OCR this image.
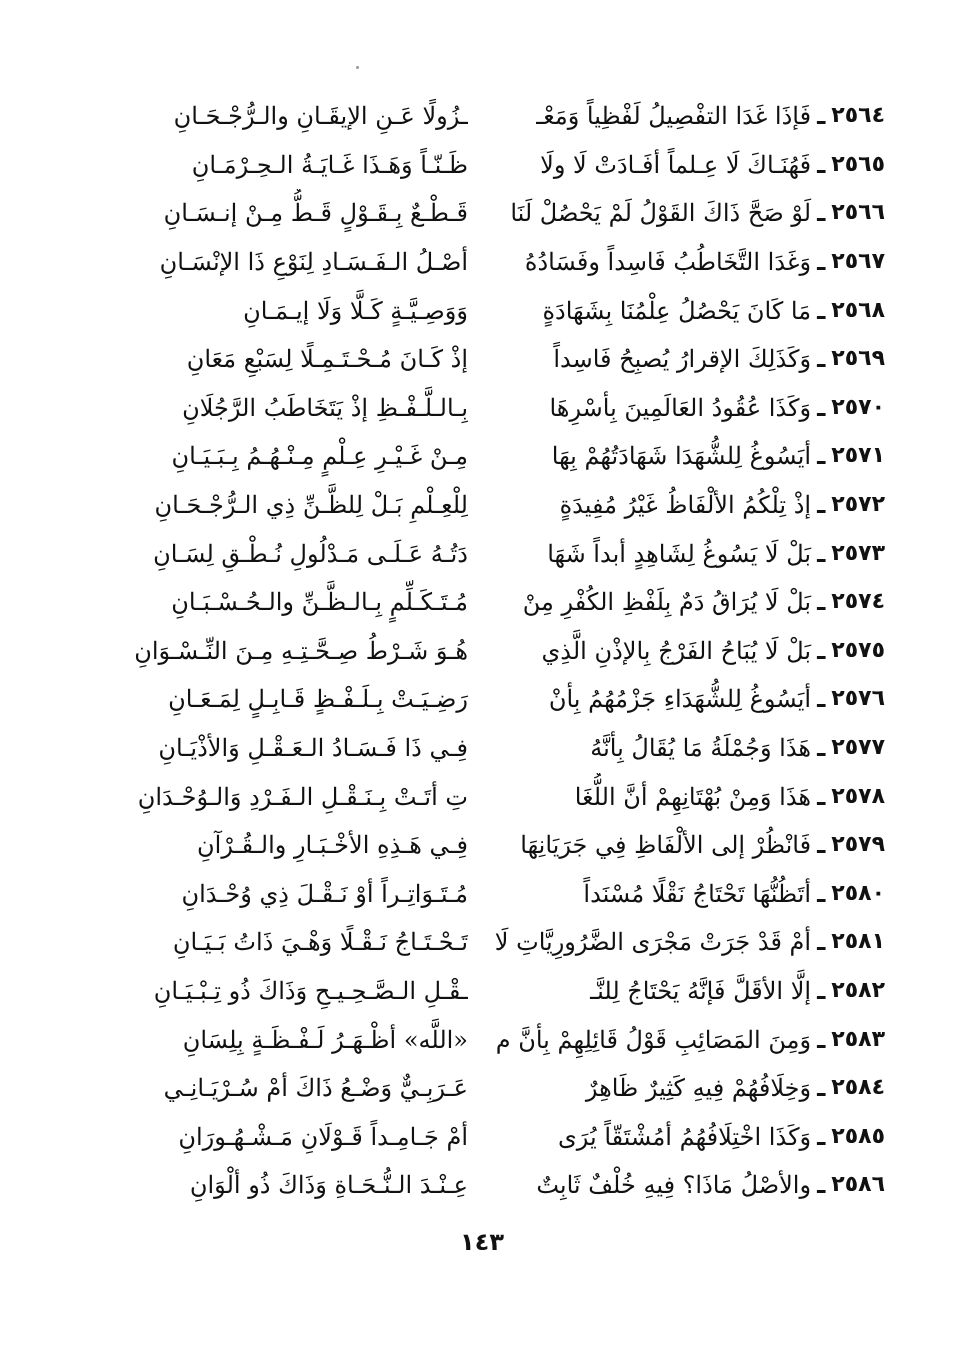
٢٥٦٤
ـ
فَإذَا غَدَا التفْصِيلُ لَفْظِياً وَمَعْـ
ـزُولًا عَـنِ الإيقَـانِ والـرُّجْـحَـانِ
٢٥٦٥
ـ
فَهُنَـاكَ لَا عِـلماً أفَـادَتْ لَا ولَا
ظَـنّـاً وَهَـذَا غَـايَـةُ الـحِـرْمَـانِ
٢٥٦٦
ـ
لَوْ صَحَّ ذَاكَ القَوْلُ لَمْ يَحْصُلْ لَنَا
قَـطْـعٌ بِـقَـوْلٍ قَـطُّ مِـنْ إنـسَـانِ
٢٥٦٧
ـ
وَغَدَا التَّخَاطُبُ فَاسِداً وفَسَادُهُ
أصْـلُ الـفَـسَـادِ لِنَوْعِ ذَا الإنْسَـانِ
٢٥٦٨
ـ
مَا كَانَ يَحْصُلُ عِلْمُنَا بِشَهَادَةٍ
وَوَصِـيَّـةٍ كَـلَّا وَلَا إيـمَـانِ
٢٥٦٩
ـ
وَكَذَلِكَ الإقرارُ يُصبِحُ فَاسِداً
إذْ كَـانَ مُـحْـتَـمِـلًا لِسَبْعِ مَعَانِ
٢٥٧٠
ـ
وَكَذَا عُقُودُ العَالَمِينَ بِأسْرِهَا
بِـالـلَّـفْـظِ إذْ يَتَخَاطَبُ الرَّجُلَانِ
٢٥٧١
ـ
أيَسُوغُ لِلشُّهَدَا شَهَادَتُهُمْ بِهَا
مِـنْ غَـيْـرِ عِـلْمٍ مِـنْـهُـمُ بِـبَـيَـانِ
٢٥٧٢
ـ
إذْ تِلْكُمُ الألْفَاظُ غَيْرُ مُفِيدَةٍ
لِلْعِـلْمِ بَـلْ لِلظَّـنِّ ذِي الـرُّجْـحَـانِ
٢٥٧٣
ـ
بَلْ لَا يَسُوغُ لِشَاهِدٍ أبداً شَهَا
دَتُـهُ عَـلَـى مَـدْلُولِ نُـطْـقِ لِسَـانِ
٢٥٧٤
ـ
بَلْ لَا يُرَاقُ دَمٌ بِلَفْظِ الكُفْرِ مِنْ
مُـتَـكَـلِّمٍ بِـالـظَّـنِّ والـحُـسْـبَـانِ
٢٥٧٥
ـ
بَلْ لَا يُبَاحُ الفَرْجُ بِالإذْنِ الَّذِي
هُـوَ شَـرْطُ صِـحَّـتِـهِ مِـنَ النِّـسْـوَانِ
٢٥٧٦
ـ
أيَسُوغُ لِلشُّهَدَاءِ جَزْمُهُمُ بِأنْ
رَضِـيَـتْ بِـلَـفْـظٍ قَـابِـلٍ لِمَـعَـانِ
٢٥٧٧
ـ
هَذَا وَجُمْلَةُ مَا يُقَالُ بِأنَّهُ
فِـي ذَا فَـسَـادُ الـعَـقْـلِ وَالأذْيَـانِ
٢٥٧٨
ـ
هَذَا وَمِنْ بُهْتَانِهِمْ أنَّ اللُّغَا
تِ أتَـتْ بِـنَـقْـلِ الـفَـرْدِ وَالـوُحْـدَانِ
٢٥٧٩
ـ
فَانْظُرْ إلى الألْفَاظِ فِي جَرَيَانِهَا
فِـي هَـذِهِ الأخْـبَـارِ والـقُـرْآنِ
٢٥٨٠
ـ
أتَظُنُّهَا تَحْتَاجُ نَقْلًا مُسْنَداً
مُـتَـوَاتِـراً أوْ نَـقْـلَ ذِي وُحْـدَانِ
٢٥٨١
ـ
أمْ قَدْ جَرَتْ مَجْرَى الضَّرُورِيَّاتِ لَا
تَـحْـتَـاجُ نَـقْـلًا وَهْـيَ ذَاتُ بَـيَـانِ
٢٥٨٢
ـ
إلَّا الأقَلَّ فَإنَّهُ يَحْتَاجُ لِلنَّـ
ـقْـلِ الـصَّـحِـيـحِ وَذَاكَ ذُو تِـبْـيَـانِ
٢٥٨٣
ـ
وَمِنَ المَصَائِبِ قَوْلُ قَائِلِهِمْ بِأنَّ م
«اللَّه» أظْـهَـرُ لَـفْـظَـةٍ بِلِسَانِ
٢٥٨٤
ـ
وَخِلَافُهُمْ فِيهِ كَثِيرٌ ظَاهِرٌ
عَـرَبِـيٌّ وَضْـعُ ذَاكَ أمْ سُـرْيَـانِـي
٢٥٨٥
ـ
وَكَذَا اخْتِلَافُهُمُ أمُشْتَقّاً يُرَى
أمْ جَـامِـداً قَـوْلَانِ مَـشْـهُـورَانِ
٢٥٨٦
ـ
والأصْلُ مَاذَا؟ فِيهِ خُلْفٌ ثَابِتٌ
عِـنْـدَ الـنُّـحَـاةِ وَذَاكَ ذُو ألْوَانِ
١٤٣
